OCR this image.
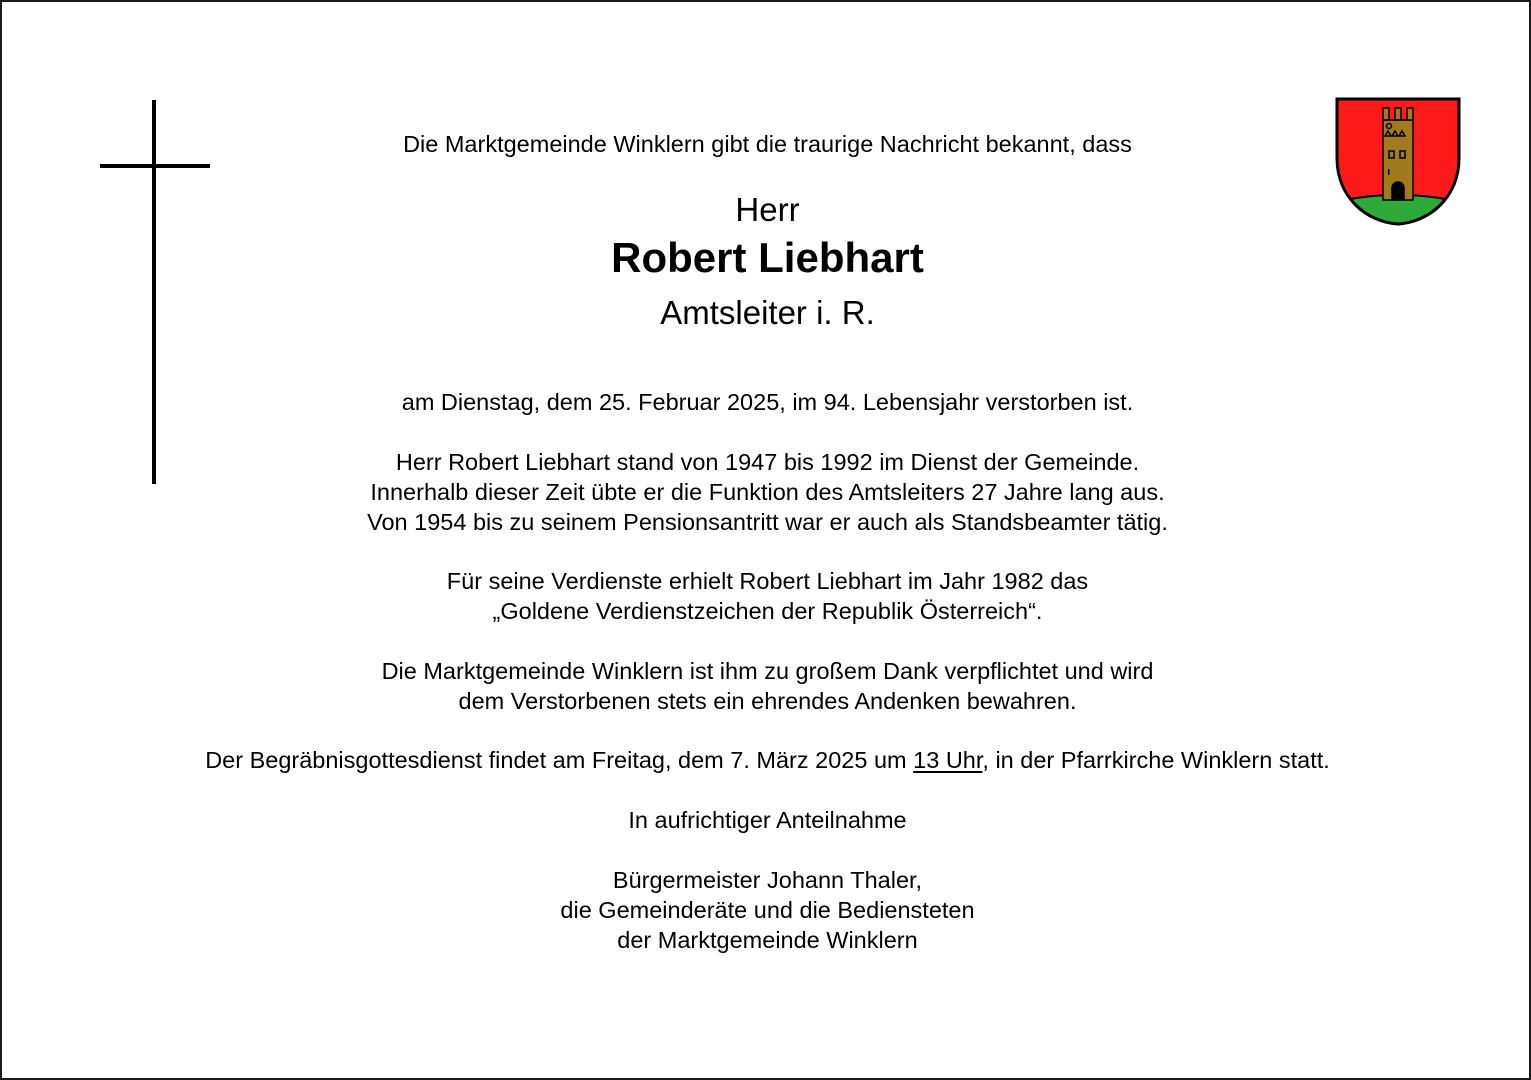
Die Marktgemeinde Winklern gibt die traurige Nachricht bekannt, dass

Herr

Robert Liebhart

Amtsleiter i. R.

am Dienstag, dem 25. Februar 2025, im 94. Lebensjahr verstorben ist.

Herr Robert Liebhart stand von 1947 bis 1992 im Dienst der Gemeinde.

Innerhalb dieser Zeit übte er die Funktion des Amtsleiters 27 Jahre lang aus.

Von 1954 bis zu seinem Pensionsantritt war er auch als Standsbeamter tätig.

Für seine Verdienste erhielt Robert Liebhart im Jahr 1982 das

„Goldene Verdienstzeichen der Republik Österreich“.

Die Marktgemeinde Winklern ist ihm zu großem Dank verpflichtet und wird

dem Verstorbenen stets ein ehrendes Andenken bewahren.

Der Begräbnisgottesdienst findet am Freitag, dem 7. März 2025 um 13 Uhr, in der Pfarrkirche Winklern statt.

In aufrichtiger Anteilnahme

Bürgermeister Johann Thaler,

die Gemeinderäte und die Bediensteten

der Marktgemeinde Winklern
